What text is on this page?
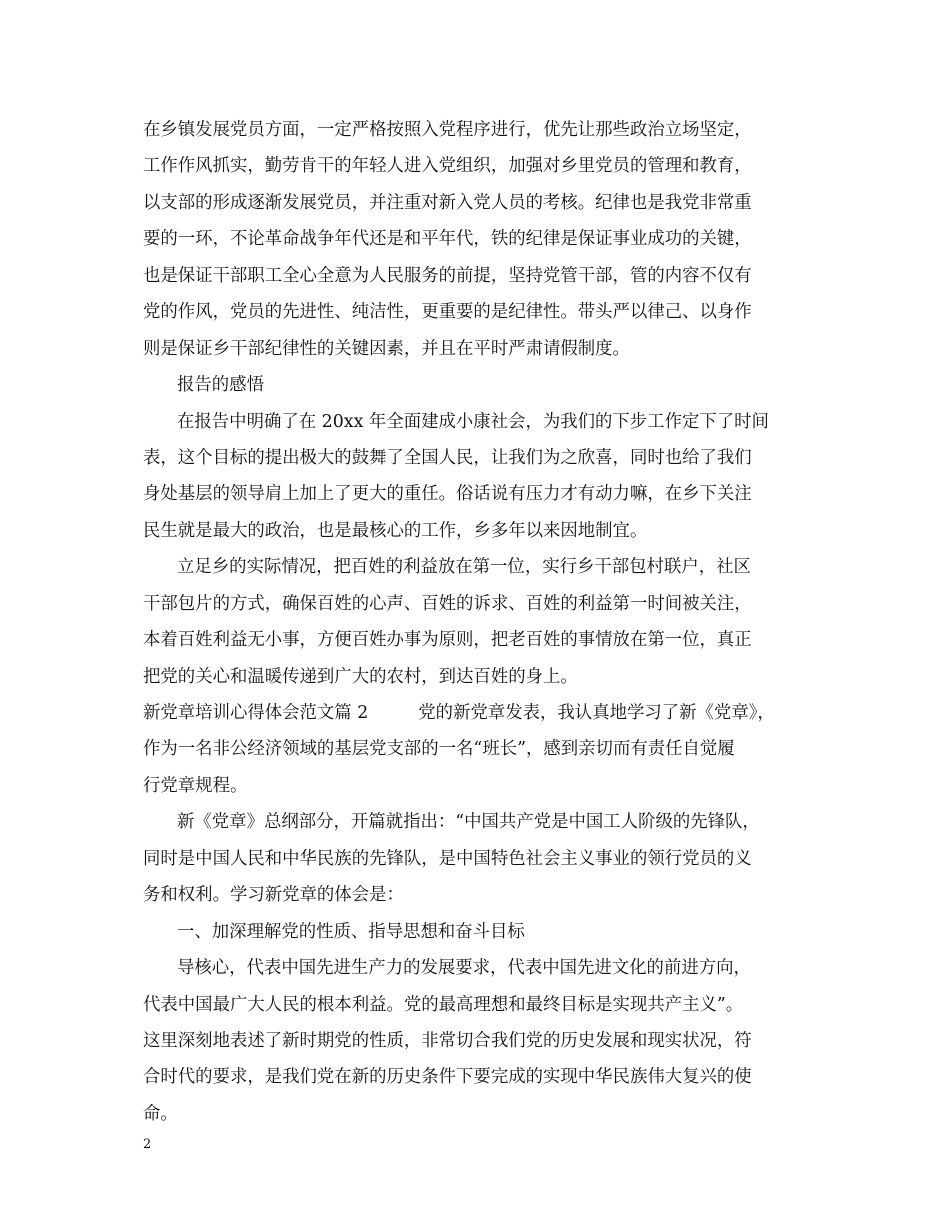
在乡镇发展党员方面，一定严格按照入党程序进行，优先让那些政治立场坚定，
工作作风抓实，勤劳肯干的年轻人进入党组织，加强对乡里党员的管理和教育，
以支部的形成逐渐发展党员，并注重对新入党人员的考核。纪律也是我党非常重
要的一环，不论革命战争年代还是和平年代，铁的纪律是保证事业成功的关键，
也是保证干部职工全心全意为人民服务的前提，坚持党管干部，管的内容不仅有
党的作风，党员的先进性、纯洁性，更重要的是纪律性。带头严以律己、以身作
则是保证乡干部纪律性的关键因素，并且在平时严肃请假制度。
报告的感悟
在报告中明确了在 20xx 年全面建成小康社会，为我们的下步工作定下了时间
表，这个目标的提出极大的鼓舞了全国人民，让我们为之欣喜，同时也给了我们
身处基层的领导肩上加上了更大的重任。俗话说有压力才有动力嘛，在乡下关注
民生就是最大的政治，也是最核心的工作，乡多年以来因地制宜。
立足乡的实际情况，把百姓的利益放在第一位，实行乡干部包村联户，社区
干部包片的方式，确保百姓的心声、百姓的诉求、百姓的利益第一时间被关注，
本着百姓利益无小事，方便百姓办事为原则，把老百姓的事情放在第一位，真正
把党的关心和温暖传递到广大的农村，到达百姓的身上。
新党章培训心得体会范文篇 2	党的新党章发表，我认真地学习了新《党章》，
作为一名非公经济领域的基层党支部的一名“班长”，感到亲切而有责任自觉履
行党章规程。
新《党章》总纲部分，开篇就指出：“中国共产党是中国工人阶级的先锋队，
同时是中国人民和中华民族的先锋队，是中国特色社会主义事业的领行党员的义
务和权利。学习新党章的体会是：
一、加深理解党的性质、指导思想和奋斗目标
导核心，代表中国先进生产力的发展要求，代表中国先进文化的前进方向，
代表中国最广大人民的根本利益。党的最高理想和最终目标是实现共产主义”。
这里深刻地表述了新时期党的性质，非常切合我们党的历史发展和现实状况，符
合时代的要求，是我们党在新的历史条件下要完成的实现中华民族伟大复兴的使
命。
2
